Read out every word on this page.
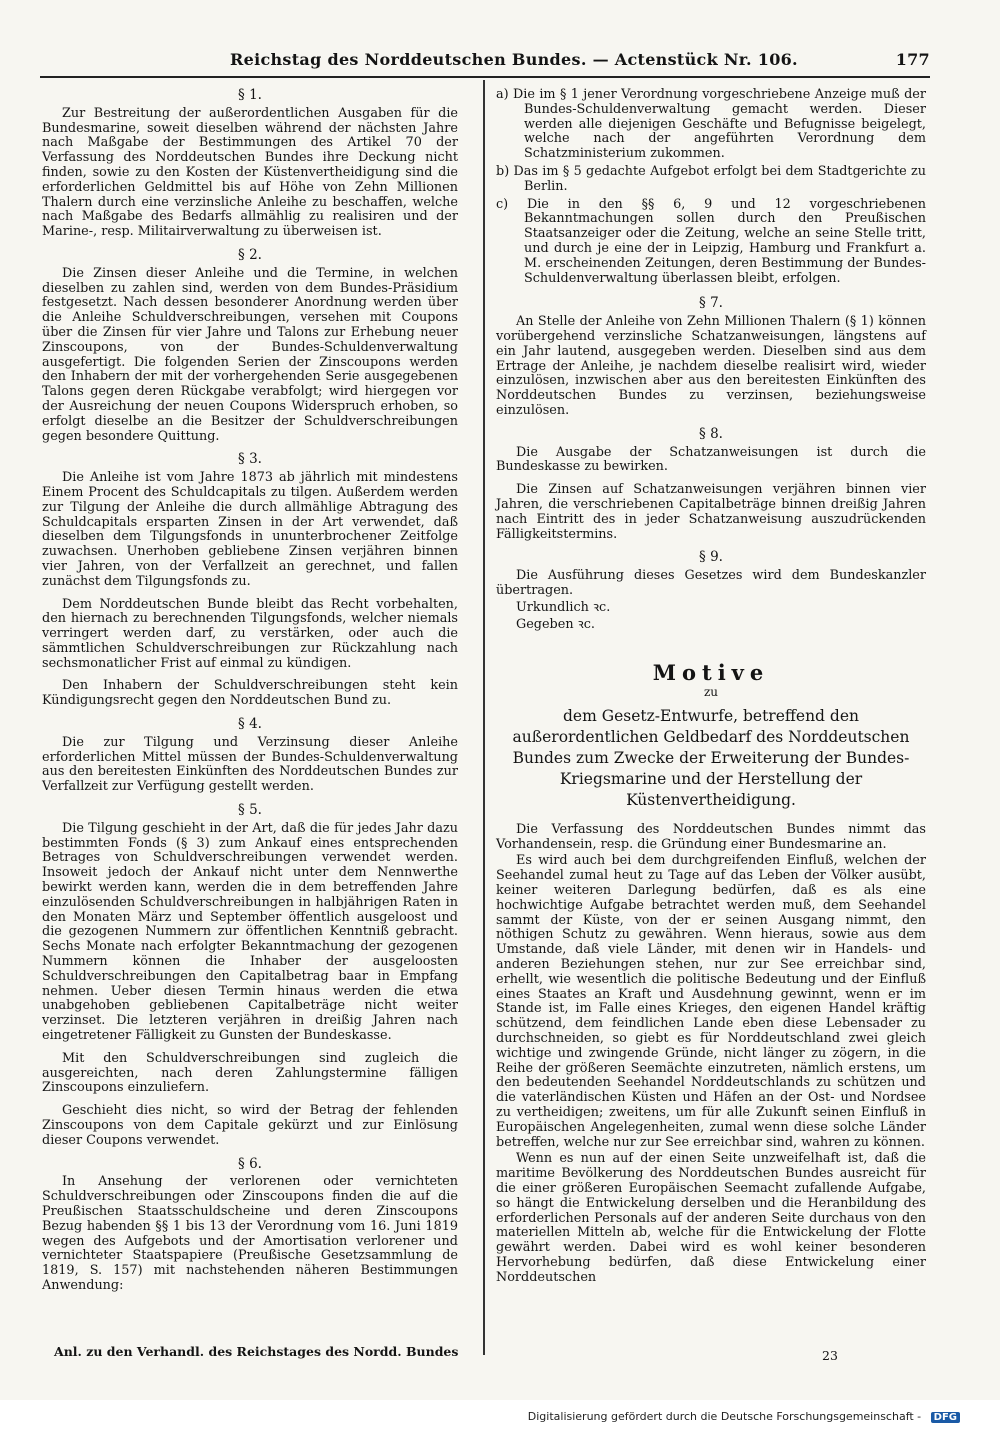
Reichstag des Norddeutschen Bundes. — Actenstück Nr. 106.	177
§ 1.

Zur Bestreitung der außerordentlichen Ausgaben für die Bundesmarine, soweit dieselben während der nächsten Jahre nach Maßgabe der Bestimmungen des Artikel 70 der Verfassung des Norddeutschen Bundes ihre Deckung nicht finden, sowie zu den Kosten der Küstenvertheidigung sind die erforderlichen Geldmittel bis auf Höhe von Zehn Millionen Thalern durch eine verzinsliche Anleihe zu beschaffen, welche nach Maßgabe des Bedarfs allmählig zu realisiren und der Marine-, resp. Militairverwaltung zu überweisen ist.

§ 2.

Die Zinsen dieser Anleihe und die Termine, in welchen dieselben zu zahlen sind, werden von dem Bundes-Präsidium festgesetzt. Nach dessen besonderer Anordnung werden über die Anleihe Schuldverschreibungen, versehen mit Coupons über die Zinsen für vier Jahre und Talons zur Erhebung neuer Zinscoupons, von der Bundes-Schuldenverwaltung ausgefertigt. Die folgenden Serien der Zinscoupons werden den Inhabern der mit der vorhergehenden Serie ausgegebenen Talons gegen deren Rückgabe verabfolgt; wird hiergegen vor der Ausreichung der neuen Coupons Widerspruch erhoben, so erfolgt dieselbe an die Besitzer der Schuldverschreibungen gegen besondere Quittung.

§ 3.

Die Anleihe ist vom Jahre 1873 ab jährlich mit mindestens Einem Procent des Schuldcapitals zu tilgen. Außerdem werden zur Tilgung der Anleihe die durch allmählige Abtragung des Schuldcapitals ersparten Zinsen in der Art verwendet, daß dieselben dem Tilgungsfonds in ununterbrochener Zeitfolge zuwachsen. Unerhoben gebliebene Zinsen verjähren binnen vier Jahren, von der Verfallzeit an gerechnet, und fallen zunächst dem Tilgungsfonds zu.

Dem Norddeutschen Bunde bleibt das Recht vorbehalten, den hiernach zu berechnenden Tilgungsfonds, welcher niemals verringert werden darf, zu verstärken, oder auch die sämmtlichen Schuldverschreibungen zur Rückzahlung nach sechsmonatlicher Frist auf einmal zu kündigen.

Den Inhabern der Schuldverschreibungen steht kein Kündigungsrecht gegen den Norddeutschen Bund zu.

§ 4.

Die zur Tilgung und Verzinsung dieser Anleihe erforderlichen Mittel müssen der Bundes-Schuldenverwaltung aus den bereitesten Einkünften des Norddeutschen Bundes zur Verfallzeit zur Verfügung gestellt werden.

§ 5.

Die Tilgung geschieht in der Art, daß die für jedes Jahr dazu bestimmten Fonds (§ 3) zum Ankauf eines entsprechenden Betrages von Schuldverschreibungen verwendet werden. Insoweit jedoch der Ankauf nicht unter dem Nennwerthe bewirkt werden kann, werden die in dem betreffenden Jahre einzulösenden Schuldverschreibungen in halbjährigen Raten in den Monaten März und September öffentlich ausgeloost und die gezogenen Nummern zur öffentlichen Kenntniß gebracht. Sechs Monate nach erfolgter Bekanntmachung der gezogenen Nummern können die Inhaber der ausgeloosten Schuldverschreibungen den Capitalbetrag baar in Empfang nehmen. Ueber diesen Termin hinaus werden die etwa unabgehoben gebliebenen Capitalbeträge nicht weiter verzinset. Die letzteren verjähren in dreißig Jahren nach eingetretener Fälligkeit zu Gunsten der Bundeskasse.

Mit den Schuldverschreibungen sind zugleich die ausgereichten, nach deren Zahlungstermine fälligen Zinscoupons einzuliefern.

Geschieht dies nicht, so wird der Betrag der fehlenden Zinscoupons von dem Capitale gekürzt und zur Einlösung dieser Coupons verwendet.

§ 6.

In Ansehung der verlorenen oder vernichteten Schuldverschreibungen oder Zinscoupons finden die auf die Preußischen Staatsschuldscheine und deren Zinscoupons Bezug habenden §§ 1 bis 13 der Verordnung vom 16. Juni 1819 wegen des Aufgebots und der Amortisation verlorener und vernichteter Staatspapiere (Preußische Gesetzsammlung de 1819, S. 157) mit nachstehenden näheren Bestimmungen Anwendung:

a) Die im § 1 jener Verordnung vorgeschriebene Anzeige muß der Bundes-Schuldenverwaltung gemacht werden. Dieser werden alle diejenigen Geschäfte und Befugnisse beigelegt, welche nach der angeführten Verordnung dem Schatzministerium zukommen.
b) Das im § 5 gedachte Aufgebot erfolgt bei dem Stadtgerichte zu Berlin.
c) Die in den §§ 6, 9 und 12 vorgeschriebenen Bekanntmachungen sollen durch den Preußischen Staatsanzeiger oder die Zeitung, welche an seine Stelle tritt, und durch je eine der in Leipzig, Hamburg und Frankfurt a. M. erscheinenden Zeitungen, deren Bestimmung der Bundes-Schuldenverwaltung überlassen bleibt, erfolgen.
§ 7.

An Stelle der Anleihe von Zehn Millionen Thalern (§ 1) können vorübergehend verzinsliche Schatzanweisungen, längstens auf ein Jahr lautend, ausgegeben werden. Dieselben sind aus dem Ertrage der Anleihe, je nachdem dieselbe realisirt wird, wieder einzulösen, inzwischen aber aus den bereitesten Einkünften des Norddeutschen Bundes zu verzinsen, beziehungsweise einzulösen.

§ 8.

Die Ausgabe der Schatzanweisungen ist durch die Bundeskasse zu bewirken.

Die Zinsen auf Schatzanweisungen verjähren binnen vier Jahren, die verschriebenen Capitalbeträge binnen dreißig Jahren nach Eintritt des in jeder Schatzanweisung auszudrückenden Fälligkeitstermins.

§ 9.

Die Ausführung dieses Gesetzes wird dem Bundeskanzler übertragen.

Urkundlich ꝛc.
Gegeben ꝛc.
Motive
zu
dem Gesetz-Entwurfe, betreffend den außerordentlichen Geldbedarf des Norddeutschen Bundes zum Zwecke der Erweiterung der Bundes-Kriegsmarine und der Herstellung der Küstenvertheidigung.

Die Verfassung des Norddeutschen Bundes nimmt das Vorhandensein, resp. die Gründung einer Bundesmarine an.

Es wird auch bei dem durchgreifenden Einfluß, welchen der Seehandel zumal heut zu Tage auf das Leben der Völker ausübt, keiner weiteren Darlegung bedürfen, daß es als eine hochwichtige Aufgabe betrachtet werden muß, dem Seehandel sammt der Küste, von der er seinen Ausgang nimmt, den nöthigen Schutz zu gewähren. Wenn hieraus, sowie aus dem Umstande, daß viele Länder, mit denen wir in Handels- und anderen Beziehungen stehen, nur zur See erreichbar sind, erhellt, wie wesentlich die politische Bedeutung und der Einfluß eines Staates an Kraft und Ausdehnung gewinnt, wenn er im Stande ist, im Falle eines Krieges, den eigenen Handel kräftig schützend, dem feindlichen Lande eben diese Lebensader zu durchschneiden, so giebt es für Norddeutschland zwei gleich wichtige und zwingende Gründe, nicht länger zu zögern, in die Reihe der größeren Seemächte einzutreten, nämlich erstens, um den bedeutenden Seehandel Norddeutschlands zu schützen und die vaterländischen Küsten und Häfen an der Ost- und Nordsee zu vertheidigen; zweitens, um für alle Zukunft seinen Einfluß in Europäischen Angelegenheiten, zumal wenn diese solche Länder betreffen, welche nur zur See erreichbar sind, wahren zu können.

Wenn es nun auf der einen Seite unzweifelhaft ist, daß die maritime Bevölkerung des Norddeutschen Bundes ausreicht für die einer größeren Europäischen Seemacht zufallende Aufgabe, so hängt die Entwickelung derselben und die Heranbildung des erforderlichen Personals auf der anderen Seite durchaus von den materiellen Mitteln ab, welche für die Entwickelung der Flotte gewährt werden. Dabei wird es wohl keiner besonderen Hervorhebung bedürfen, daß diese Entwickelung einer Norddeutschen

Anl. zu den Verhandl. des Reichstages des Nordd. Bundes	23
Digitalisierung gefördert durch die Deutsche Forschungsgemeinschaft - DFG
